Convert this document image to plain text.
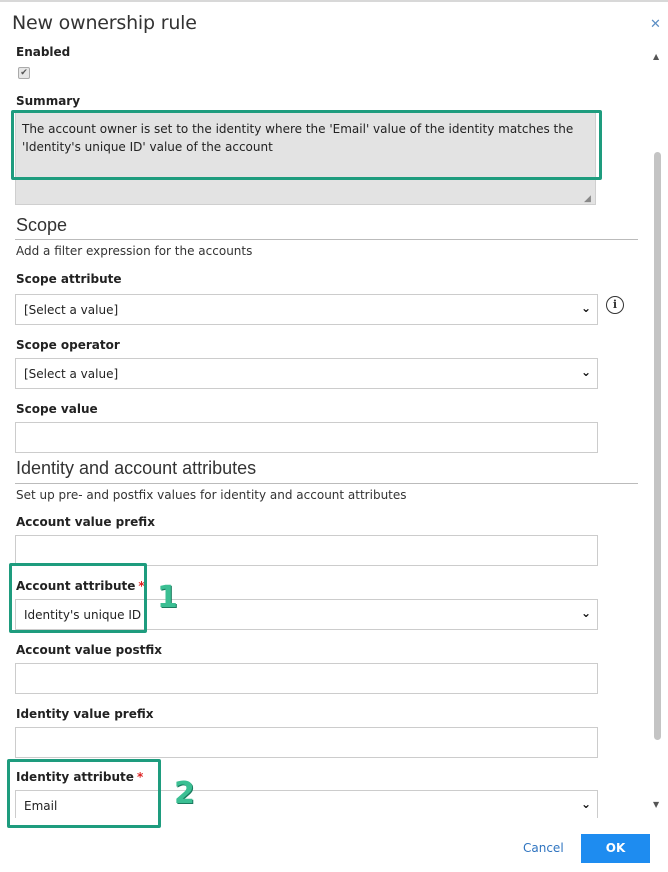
New ownership rule	✕
Enabled
✔
Summary
The account owner is set to the identity where the 'Email' value of the identity matches the 'Identity's unique ID' value of the account
◢
Scope
Add a filter expression for the accounts
Scope attribute
[Select a value]	⌄	i
Scope operator
[Select a value]	⌄
Scope value
Identity and account attributes
Set up pre- and postfix values for identity and account attributes
Account value prefix
Account attribute *
Identity's unique ID	⌄
Account value postfix
Identity value prefix
Identity attribute *
Email	⌄
1
2
▲
▼
Cancel	OK
